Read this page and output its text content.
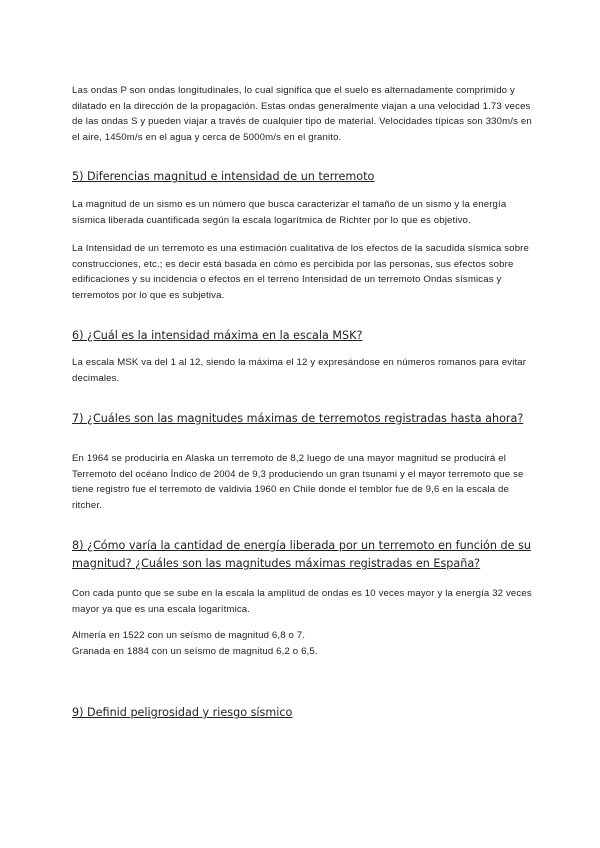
Las ondas P son ondas longitudinales, lo cual significa que el suelo es alternadamente comprimido y dilatado en la dirección de la propagación. Estas ondas generalmente viajan a una velocidad 1.73 veces de las ondas S y pueden viajar a través de cualquier tipo de material. Velocidades típicas son 330m/s en el aire, 1450m/s en el agua y cerca de 5000m/s en el granito.

5) Diferencias magnitud e intensidad de un terremoto

La magnitud de un sismo es un número que busca caracterizar el tamaño de un sismo y la energía sísmica liberada cuantificada según la escala logarítmica de Richter por lo que es objetivo.

La Intensidad de un terremoto es una estimación cualitativa de los efectos de la sacudida sísmica sobre construcciones, etc.; es decir está basada en cómo es percibida por las personas, sus efectos sobre edificaciones y su incidencia o efectos en el terreno Intensidad de un terremoto Ondas sísmicas y terremotos por lo que es subjetiva.

6) ¿Cuál es la intensidad máxima en la escala MSK?

La escala MSK va del 1 al 12, siendo la máxima el 12 y expresándose en números romanos para evitar decimales.

7) ¿Cuáles son las magnitudes máximas de terremotos registradas hasta ahora?

En 1964 se produciría en Alaska un terremoto de 8,2 luego de una mayor magnitud se producirá el Terremoto del océano Índico de 2004 de 9,3 produciendo un gran tsunami y el mayor terremoto que se tiene registro fue el terremoto de valdivia 1960 en Chile donde el temblor fue de 9,6 en la escala de ritcher.

8) ¿Cómo varía la cantidad de energía liberada por un terremoto en función de su magnitud? ¿Cuáles son las magnitudes máximas registradas en España?

Con cada punto que se sube en la escala la amplitud de ondas es 10 veces mayor y la energía 32 veces mayor ya que es una escala logarítmica.

Almería en 1522 con un seísmo de magnitud 6,8 o 7.

Granada en 1884 con un seísmo de magnitud 6,2 o 6,5.

9) Definid peligrosidad y riesgo sísmico
